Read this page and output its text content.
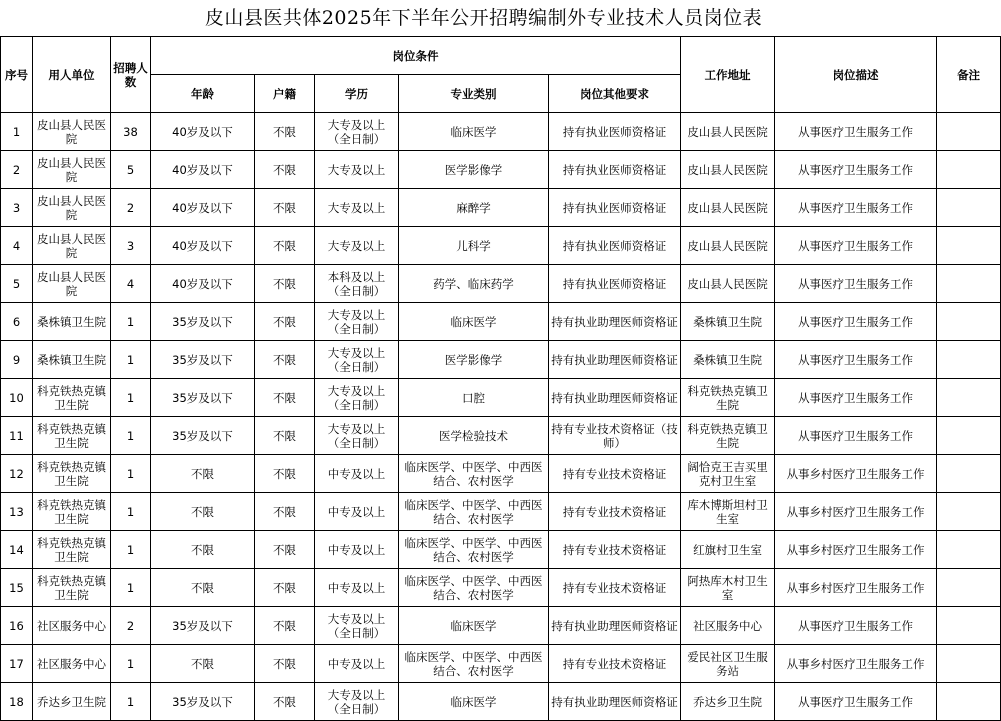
皮山县医共体2025年下半年公开招聘编制外专业技术人员岗位表
序号	用人单位	招聘人数	岗位条件					工作地址	岗位描述	备注
			年龄	户籍	学历	专业类别	岗位其他要求			
1	皮山县人民医院	38	40岁及以下	不限	大专及以上（全日制）	临床医学	持有执业医师资格证	皮山县人民医院	从事医疗卫生服务工作	
2	皮山县人民医院	5	40岁及以下	不限	大专及以上	医学影像学	持有执业医师资格证	皮山县人民医院	从事医疗卫生服务工作	
3	皮山县人民医院	2	40岁及以下	不限	大专及以上	麻醉学	持有执业医师资格证	皮山县人民医院	从事医疗卫生服务工作	
4	皮山县人民医院	3	40岁及以下	不限	大专及以上	儿科学	持有执业医师资格证	皮山县人民医院	从事医疗卫生服务工作	
5	皮山县人民医院	4	40岁及以下	不限	本科及以上（全日制）	药学、临床药学	持有执业医师资格证	皮山县人民医院	从事医疗卫生服务工作	
6	桑株镇卫生院	1	35岁及以下	不限	大专及以上（全日制）	临床医学	持有执业助理医师资格证	桑株镇卫生院	从事医疗卫生服务工作	
9	桑株镇卫生院	1	35岁及以下	不限	大专及以上（全日制）	医学影像学	持有执业助理医师资格证	桑株镇卫生院	从事医疗卫生服务工作	
10	科克铁热克镇卫生院	1	35岁及以下	不限	大专及以上（全日制）	口腔	持有执业助理医师资格证	科克铁热克镇卫生院	从事医疗卫生服务工作	
11	科克铁热克镇卫生院	1	35岁及以下	不限	大专及以上（全日制）	医学检验技术	持有专业技术资格证（技师）	科克铁热克镇卫生院	从事医疗卫生服务工作	
12	科克铁热克镇卫生院	1	不限	不限	中专及以上	临床医学、中医学、中西医结合、农村医学	持有专业技术资格证	阔恰克王吉买里克村卫生室	从事乡村医疗卫生服务工作	
13	科克铁热克镇卫生院	1	不限	不限	中专及以上	临床医学、中医学、中西医结合、农村医学	持有专业技术资格证	库木博斯坦村卫生室	从事乡村医疗卫生服务工作	
14	科克铁热克镇卫生院	1	不限	不限	中专及以上	临床医学、中医学、中西医结合、农村医学	持有专业技术资格证	红旗村卫生室	从事乡村医疗卫生服务工作	
15	科克铁热克镇卫生院	1	不限	不限	中专及以上	临床医学、中医学、中西医结合、农村医学	持有专业技术资格证	阿热库木村卫生室	从事乡村医疗卫生服务工作	
16	社区服务中心	2	35岁及以下	不限	大专及以上（全日制）	临床医学	持有执业助理医师资格证	社区服务中心	从事医疗卫生服务工作	
17	社区服务中心	1	不限	不限	中专及以上	临床医学、中医学、中西医结合、农村医学	持有专业技术资格证	爱民社区卫生服务站	从事乡村医疗卫生服务工作	
18	乔达乡卫生院	1	35岁及以下	不限	大专及以上（全日制）	临床医学	持有执业助理医师资格证	乔达乡卫生院	从事医疗卫生服务工作	
